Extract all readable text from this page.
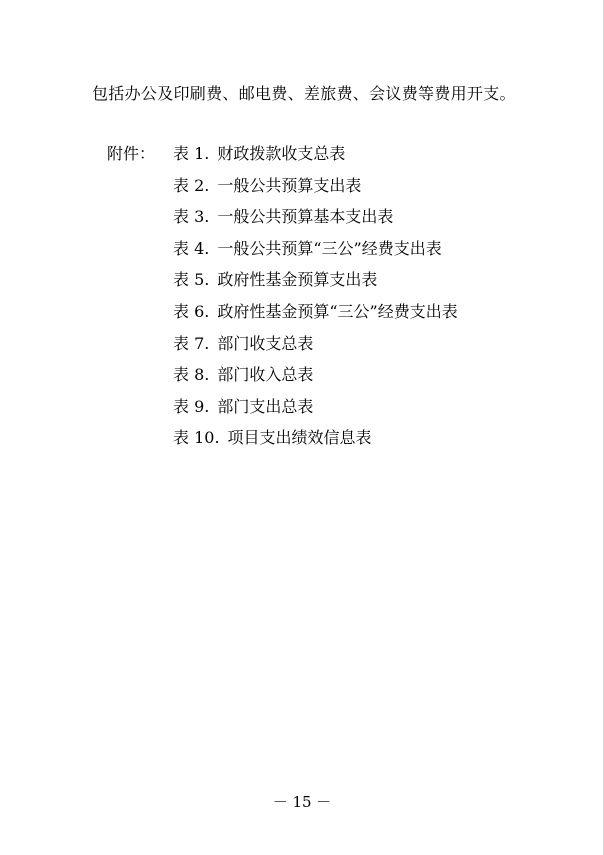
包括办公及印刷费、邮电费、差旅费、会议费等费用开支。
附件： 表 1. 财政拨款收支总表
表 2. 一般公共预算支出表
表 3. 一般公共预算基本支出表
表 4. 一般公共预算“三公”经费支出表
表 5. 政府性基金预算支出表
表 6. 政府性基金预算“三公”经费支出表
表 7. 部门收支总表
表 8. 部门收入总表
表 9. 部门支出总表
表 10. 项目支出绩效信息表
－ 15 －
